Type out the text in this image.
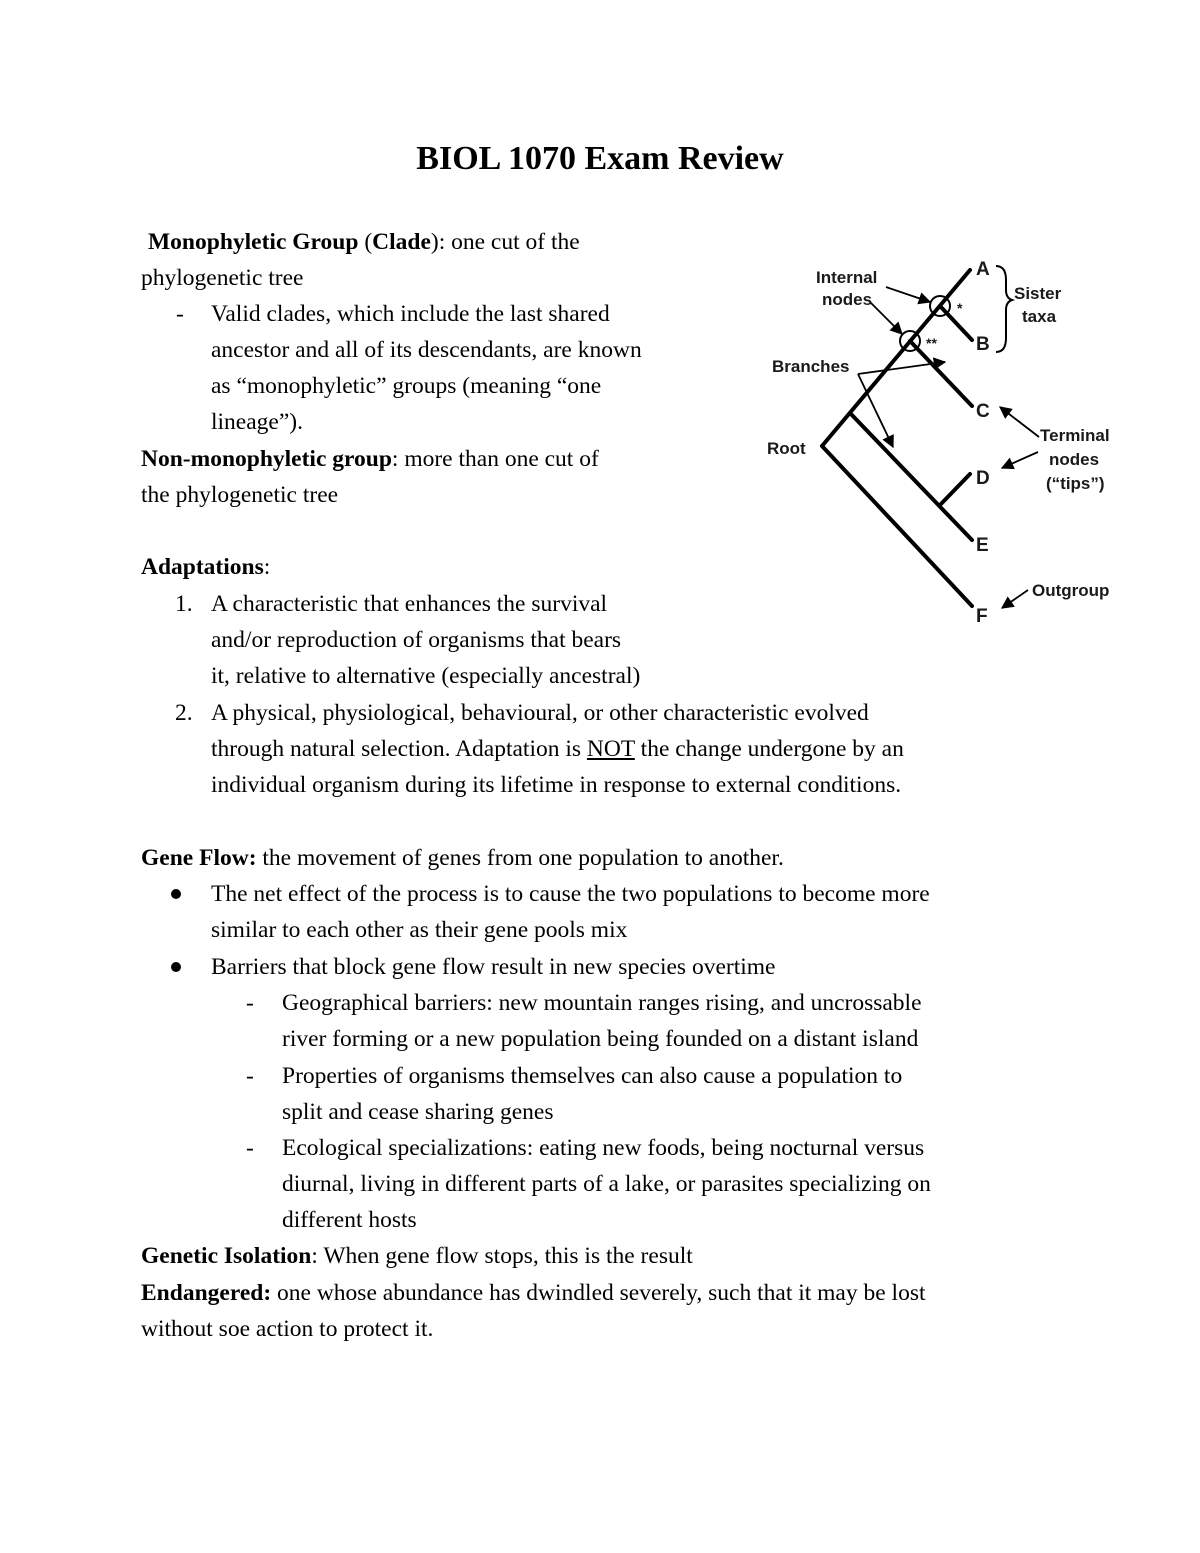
BIOL 1070 Exam Review
Monophyletic Group (Clade): one cut of the
phylogenetic tree
- Valid clades, which include the last shared
ancestor and all of its descendants, are known
as “monophyletic” groups (meaning “one
lineage”).
Non-monophyletic group: more than one cut of
the phylogenetic tree
Adaptations:
1. A characteristic that enhances the survival
and/or reproduction of organisms that bears
it, relative to alternative (especially ancestral)
2. A physical, physiological, behavioural, or other characteristic evolved
through natural selection. Adaptation is NOT the change undergone by an
individual organism during its lifetime in response to external conditions.
Gene Flow: the movement of genes from one population to another.
The net effect of the process is to cause the two populations to become more
similar to each other as their gene pools mix
Barriers that block gene flow result in new species overtime
- Geographical barriers: new mountain ranges rising, and uncrossable
river forming or a new population being founded on a distant island
- Properties of organisms themselves can also cause a population to
split and cease sharing genes
- Ecological specializations: eating new foods, being nocturnal versus
diurnal, living in different parts of a lake, or parasites specializing on
different hosts
Genetic Isolation: When gene flow stops, this is the result
Endangered: one whose abundance has dwindled severely, such that it may be lost
without soe action to protect it.
*
**
Internal
nodes
Branches
Root
Sister
taxa
Terminal
nodes
(“tips”)
Outgroup
A
B
C
D
E
F
